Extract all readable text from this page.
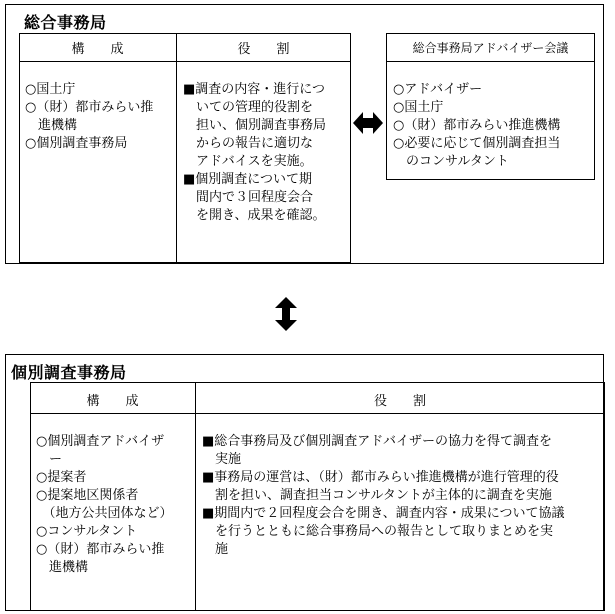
総合事務局
構　　成	役　　割
○国土庁
○（財）都市みらい推
　進機構
○個別調査事務局
■調査の内容・進行につ
　いての管理的役割を
　担い、個別調査事務局
　からの報告に適切な
　アドバイスを実施。
■個別調査について期
　間内で３回程度会合
　を開き、成果を確認。
総合事務局アドバイザー会議
○アドバイザー
○国土庁
○（財）都市みらい推進機構
○必要に応じて個別調査担当
　のコンサルタント
個別調査事務局
構　　成	役　　割
○個別調査アドバイザ
　ー
○提案者
○提案地区関係者
　（地方公共団体など）
○コンサルタント
○（財）都市みらい推
　進機構
■総合事務局及び個別調査アドバイザーの協力を得て調査を
　実施
■事務局の運営は、（財）都市みらい推進機構が進行管理的役
　割を担い、調査担当コンサルタントが主体的に調査を実施
■期間内で２回程度会合を開き、調査内容・成果について協議
　を行うとともに総合事務局への報告として取りまとめを実
　施
